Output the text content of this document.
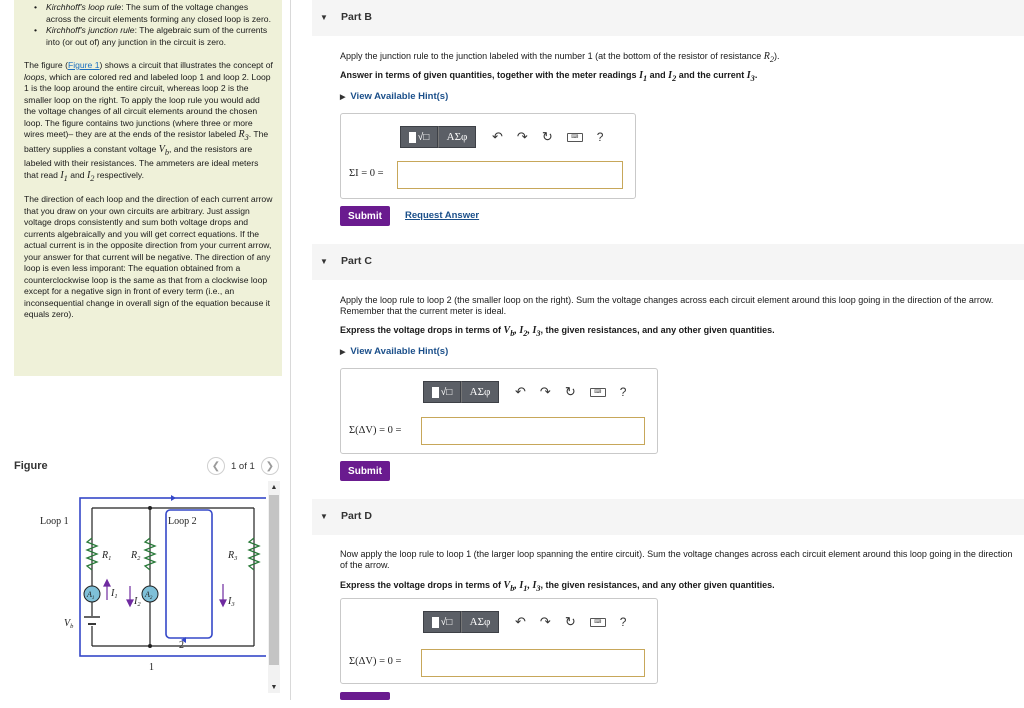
• Kirchhoff's loop rule: The sum of the voltage changes across the circuit elements forming any closed loop is zero.
• Kirchhoff's junction rule: The algebraic sum of the currents into (or out of) any junction in the circuit is zero.

The figure (Figure 1) shows a circuit that illustrates the concept of loops, which are colored red and labeled loop 1 and loop 2. Loop 1 is the loop around the entire circuit, whereas loop 2 is the smaller loop on the right. To apply the loop rule you would add the voltage changes of all circuit elements around the chosen loop. The figure contains two junctions (where three or more wires meet)– they are at the ends of the resistor labeled $R_3$. The battery supplies a constant voltage $V_b$, and the resistors are labeled with their resistances. The ammeters are ideal meters that read $I_1$ and $I_2$ respectively.

The direction of each loop and the direction of each current arrow that you draw on your own circuits are arbitrary. Just assign voltage drops consistently and sum both voltage drops and currents algebraically and you will get correct equations. If the actual current is in the opposite direction from your current arrow, your answer for that current will be negative. The direction of any loop is even less imporant: The equation obtained from a counterclockwise loop is the same as that from a clockwise loop except for a negative sign in front of every term (i.e., an inconsequential change in overall sign of the equation because it equals zero).

Figure	❮	1 of 1	❯
Loop 1	Loop 2
$R_1$ $R_2$	$R_3$
$A_1$	$A_2$
$I_1$ $I_2$	$I_3$
$V_b$
2
1
▲
▼
▼ Part B
Apply the junction rule to the junction labeled with the number 1 (at the bottom of the resistor of resistance $R_2$).
Answer in terms of given quantities, together with the meter readings $I_1$ and $I_2$ and the current $I_3$.
▶ View Available Hint(s)
√□	ΑΣφ	↶ ↷ ↻	⌨	?
ΣI = 0 =
Submit	Request Answer
▼ Part C
Apply the loop rule to loop 2 (the smaller loop on the right). Sum the voltage changes across each circuit element around this loop going in the direction of the arrow.
Remember that the current meter is ideal.
Express the voltage drops in terms of $V_b$, $I_2$, $I_3$, the given resistances, and any other given quantities.
▶ View Available Hint(s)
√□	ΑΣφ	↶ ↷ ↻	⌨	?
Σ(ΔV) = 0 =
Submit
▼ Part D
Now apply the loop rule to loop 1 (the larger loop spanning the entire circuit). Sum the voltage changes across each circuit element around this loop going in the direction of the arrow.
Express the voltage drops in terms of $V_b$, $I_1$, $I_3$, the given resistances, and any other given quantities.
√□	ΑΣφ	↶ ↷ ↻	⌨	?
Σ(ΔV) = 0 =
